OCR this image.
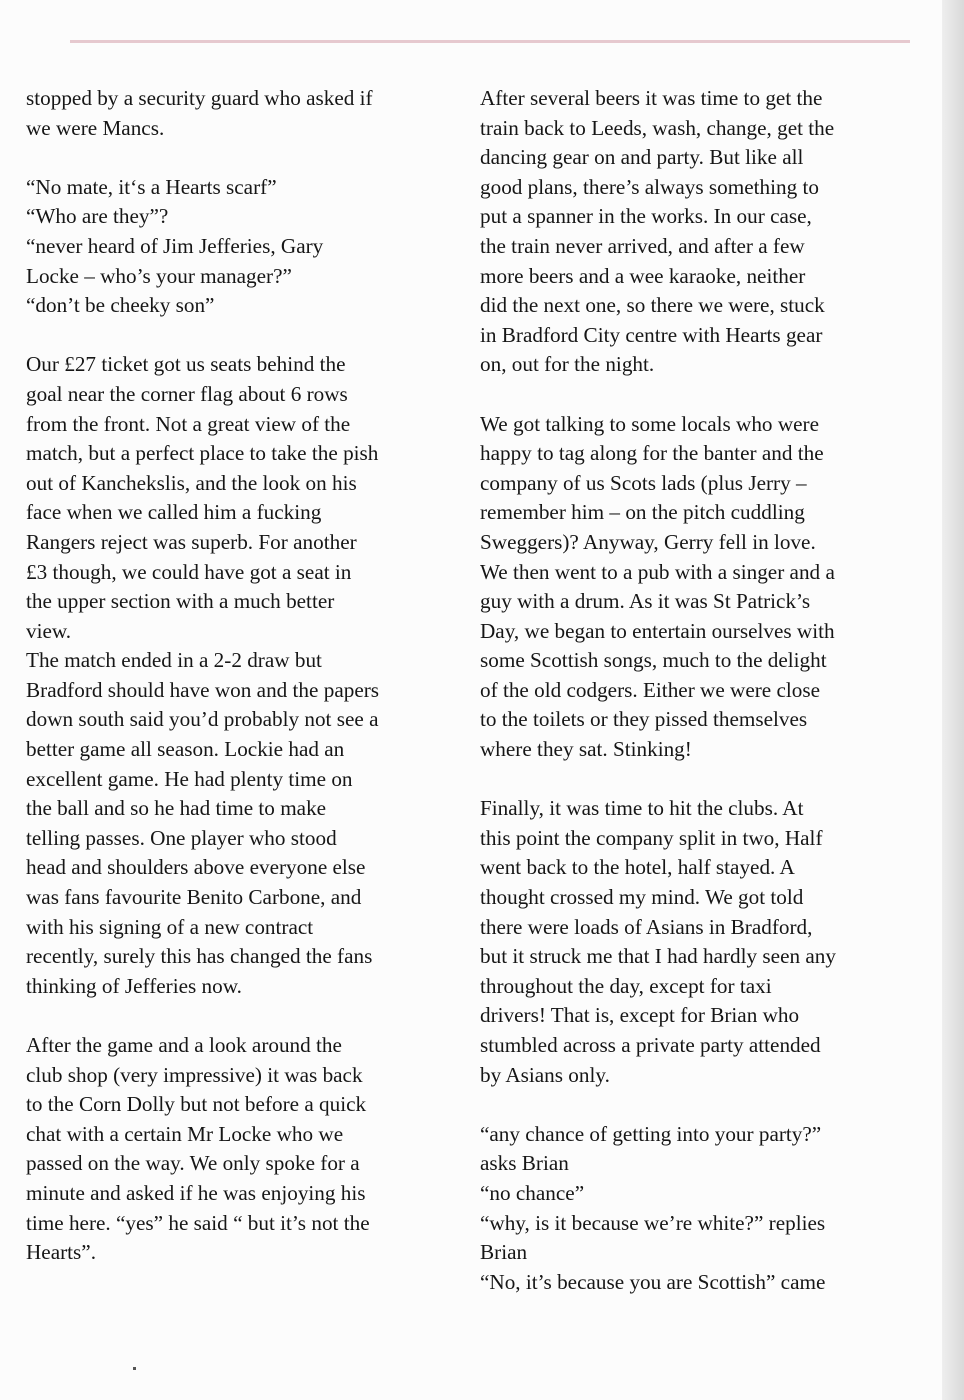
stopped by a security guard who asked if
we were Mancs.
“No mate, it‘s a Hearts scarf”
“Who are they”?
“never heard of Jim Jefferies, Gary
Locke – who’s your manager?”
“don’t be cheeky son”
Our £27 ticket got us seats behind the
goal near the corner flag about 6 rows
from the front. Not a great view of the
match, but a perfect place to take the pish
out of Kanchekslis, and the look on his
face when we called him a fucking
Rangers reject was superb. For another
£3 though, we could have got a seat in
the upper section with a much better
view.
The match ended in a 2-2 draw but
Bradford should have won and the papers
down south said you’d probably not see a
better game all season. Lockie had an
excellent game. He had plenty time on
the ball and so he had time to make
telling passes. One player who stood
head and shoulders above everyone else
was fans favourite Benito Carbone, and
with his signing of a new contract
recently, surely this has changed the fans
thinking of Jefferies now.
After the game and a look around the
club shop (very impressive) it was back
to the Corn Dolly but not before a quick
chat with a certain Mr Locke who we
passed on the way. We only spoke for a
minute and asked if he was enjoying his
time here. “yes” he said “ but it’s not the
Hearts”.
After several beers it was time to get the
train back to Leeds, wash, change, get the
dancing gear on and party. But like all
good plans, there’s always something to
put a spanner in the works. In our case,
the train never arrived, and after a few
more beers and a wee karaoke, neither
did the next one, so there we were, stuck
in Bradford City centre with Hearts gear
on, out for the night.
We got talking to some locals who were
happy to tag along for the banter and the
company of us Scots lads (plus Jerry –
remember him – on the pitch cuddling
Sweggers)? Anyway, Gerry fell in love.
We then went to a pub with a singer and a
guy with a drum. As it was St Patrick’s
Day, we began to entertain ourselves with
some Scottish songs, much to the delight
of the old codgers. Either we were close
to the toilets or they pissed themselves
where they sat. Stinking!
Finally, it was time to hit the clubs. At
this point the company split in two, Half
went back to the hotel, half stayed. A
thought crossed my mind. We got told
there were loads of Asians in Bradford,
but it struck me that I had hardly seen any
throughout the day, except for taxi
drivers! That is, except for Brian who
stumbled across a private party attended
by Asians only.
“any chance of getting into your party?”
asks Brian
“no chance”
“why, is it because we’re white?” replies
Brian
“No, it’s because you are Scottish” came
